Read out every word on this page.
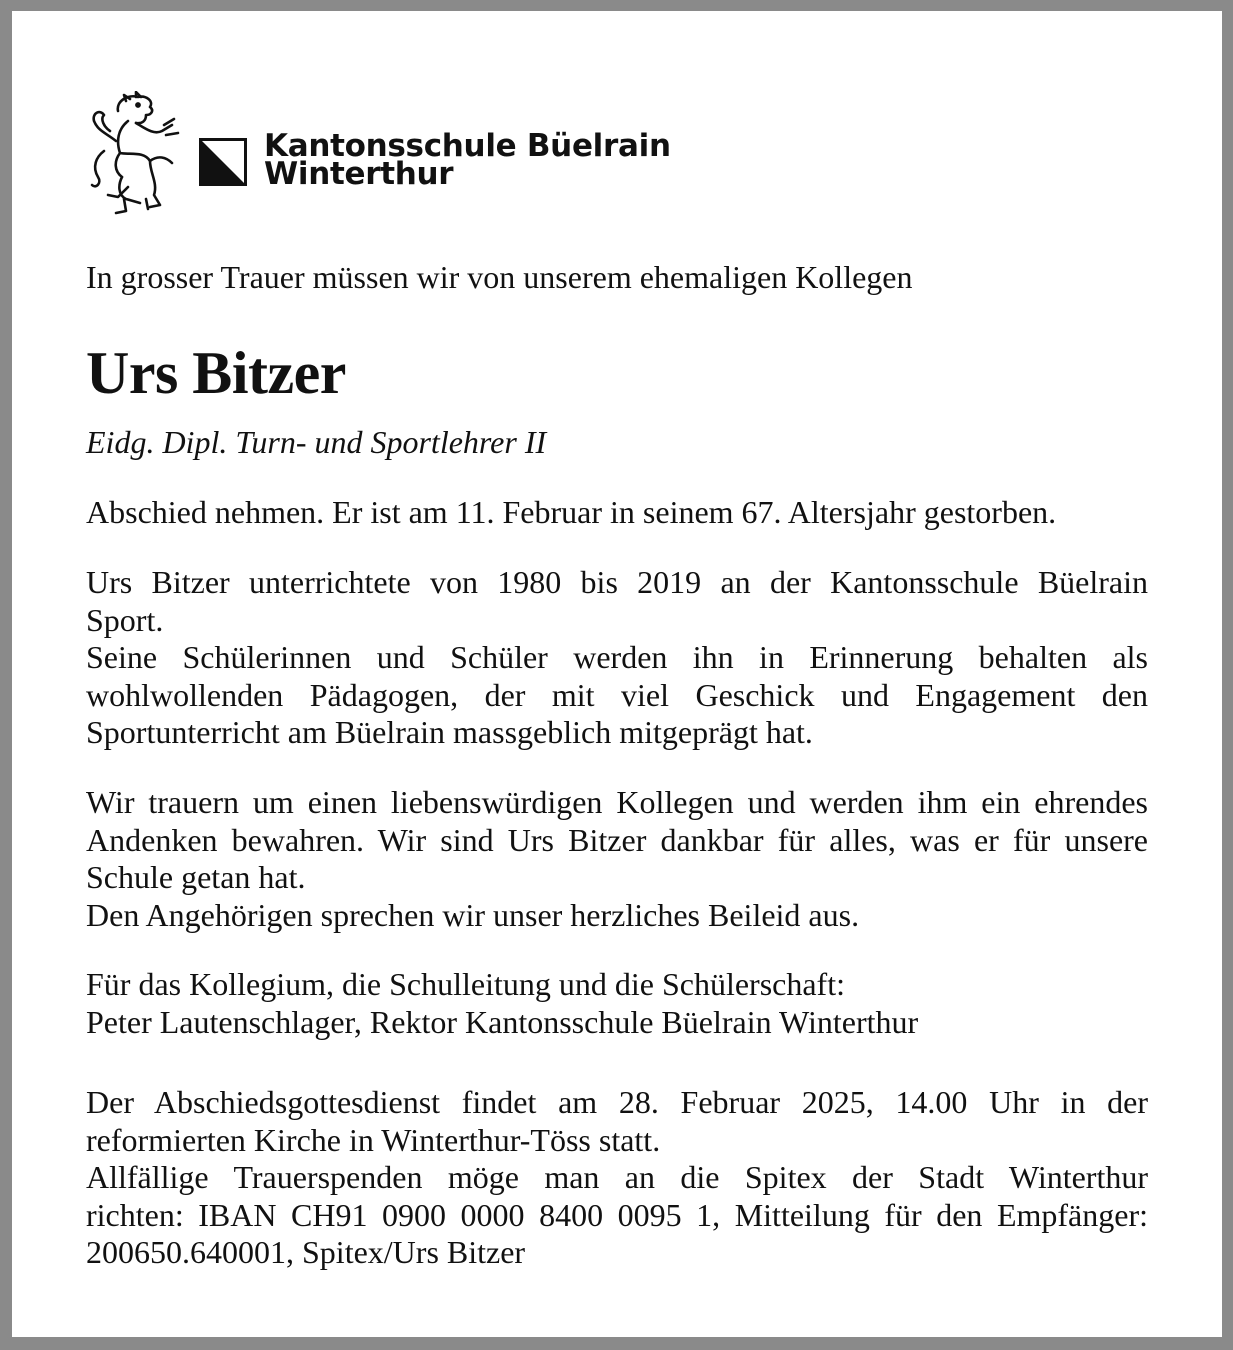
Kantonsschule Büelrain
Winterthur

In grosser Trauer müssen wir von unserem ehemaligen Kollegen

Urs Bitzer

Eidg. Dipl. Turn- und Sportlehrer II

Abschied nehmen. Er ist am 11. Februar in seinem 67. Altersjahr gestorben.

Urs Bitzer unterrichtete von 1980 bis 2019 an der Kantonsschule Büelrain

Sport.

Seine Schülerinnen und Schüler werden ihn in Erinnerung behalten als wohlwollenden Pädagogen, der mit viel Geschick und Engagement den Sportunterricht am Büelrain massgeblich mitgeprägt hat.

Wir trauern um einen liebenswürdigen Kollegen und werden ihm ein ehrendes Andenken bewahren. Wir sind Urs Bitzer dankbar für alles, was er für unsere Schule getan hat.

Den Angehörigen sprechen wir unser herzliches Beileid aus.

Für das Kollegium, die Schulleitung und die Schülerschaft:

Peter Lautenschlager, Rektor Kantonsschule Büelrain Winterthur

Der Abschiedsgottesdienst findet am 28. Februar 2025, 14.00 Uhr in der reformierten Kirche in Winterthur-Töss statt.

Allfällige Trauerspenden möge man an die Spitex der Stadt Winterthur

richten: IBAN CH91 0900 0000 8400 0095 1, Mitteilung für den Empfänger:

200650.640001, Spitex/Urs Bitzer
